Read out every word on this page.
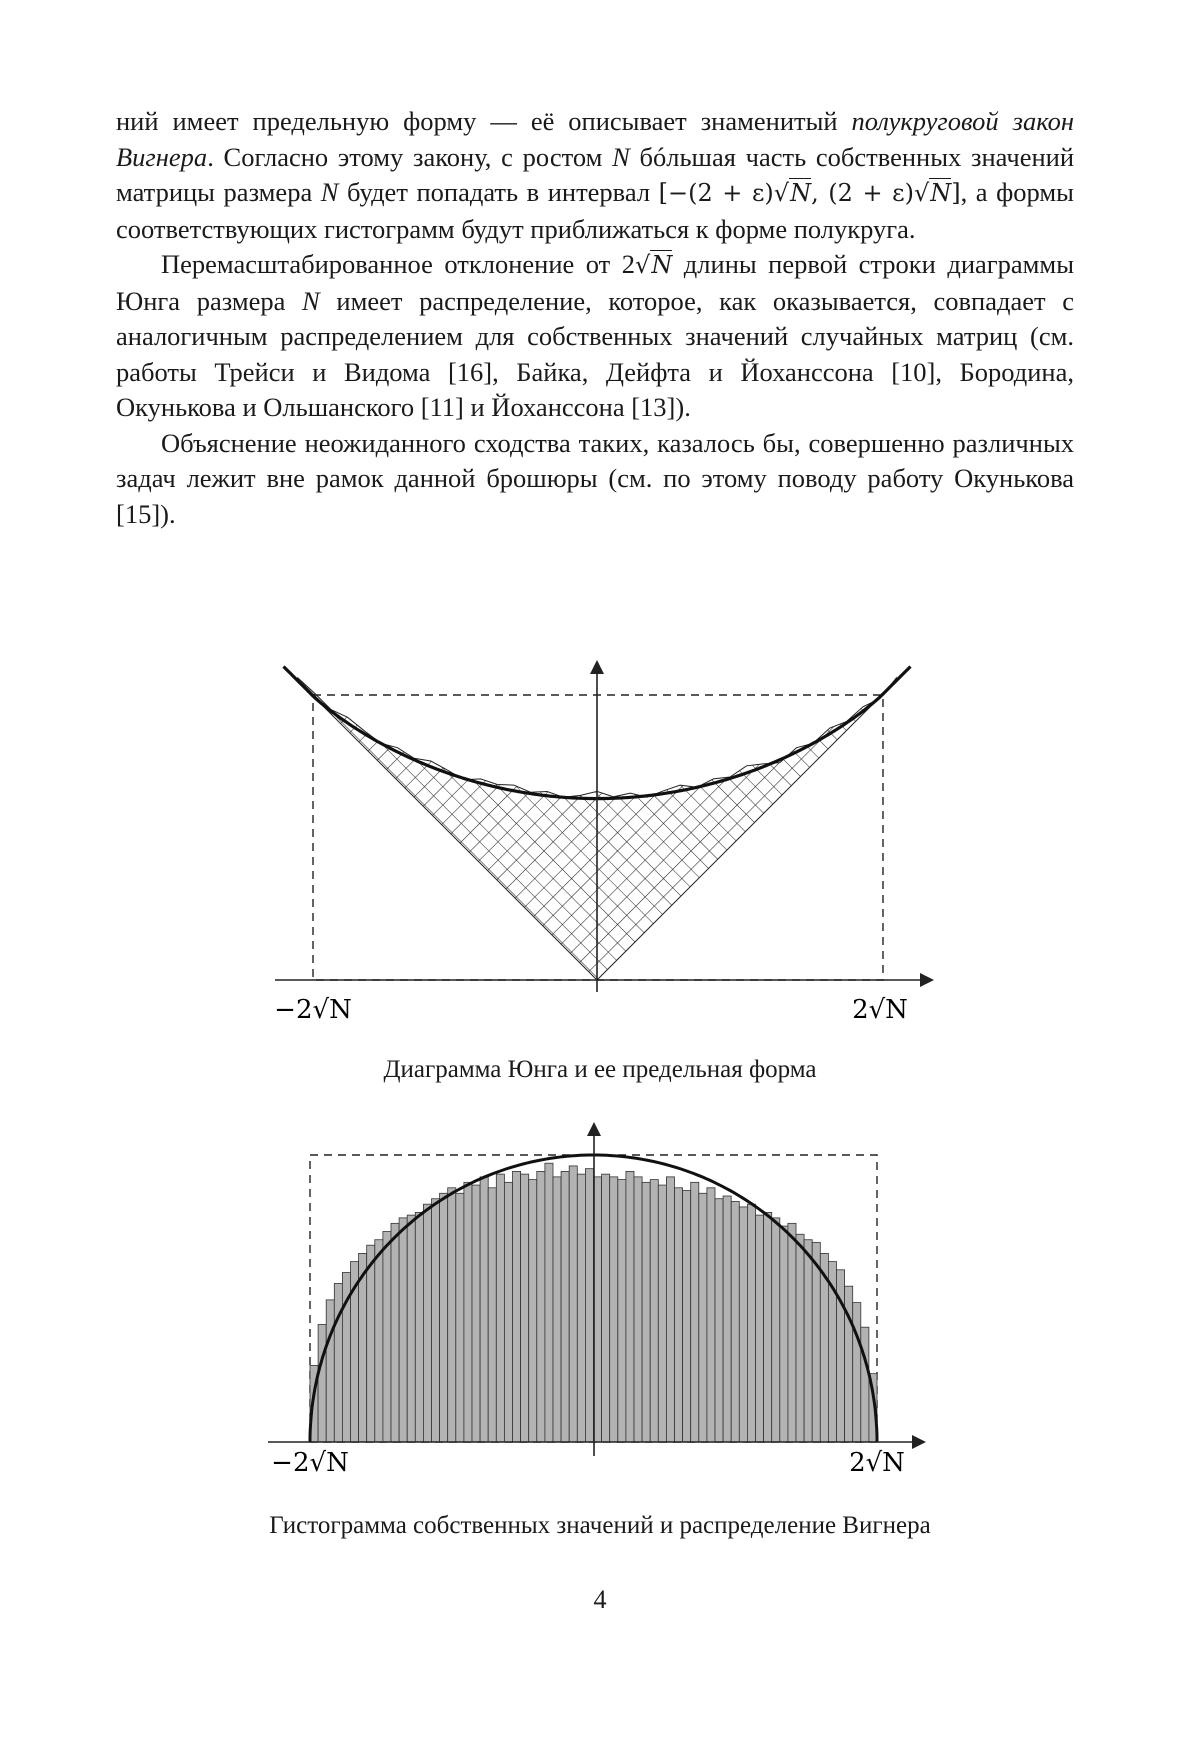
ний имеет предельную форму — её описывает знаменитый полукруговой закон Вигнера. Согласно этому закону, с ростом N бóльшая часть собственных значений матрицы размера N будет попадать в интервал [−(2 + ε)√N, (2 + ε)√N], а формы соответствующих гистограмм будут приближаться к форме полукруга.

Перемасштабированное отклонение от 2√N длины первой строки диаграммы Юнга размера N имеет распределение, которое, как оказывается, совпадает с аналогичным распределением для собственных значений случайных матриц (см. работы Трейси и Видома [16], Байка, Дейфта и Йоханссона [10], Бородина, Окунькова и Ольшанского [11] и Йоханссона [13]).

Объяснение неожиданного сходства таких, казалось бы, совершенно различных задач лежит вне рамок данной брошюры (см. по этому поводу работу Окунькова [15]).

−2√N	2√N
Диаграмма Юнга и ее предельная форма
−2√N	2√N
Гистограмма собственных значений и распределение Вигнера
4
